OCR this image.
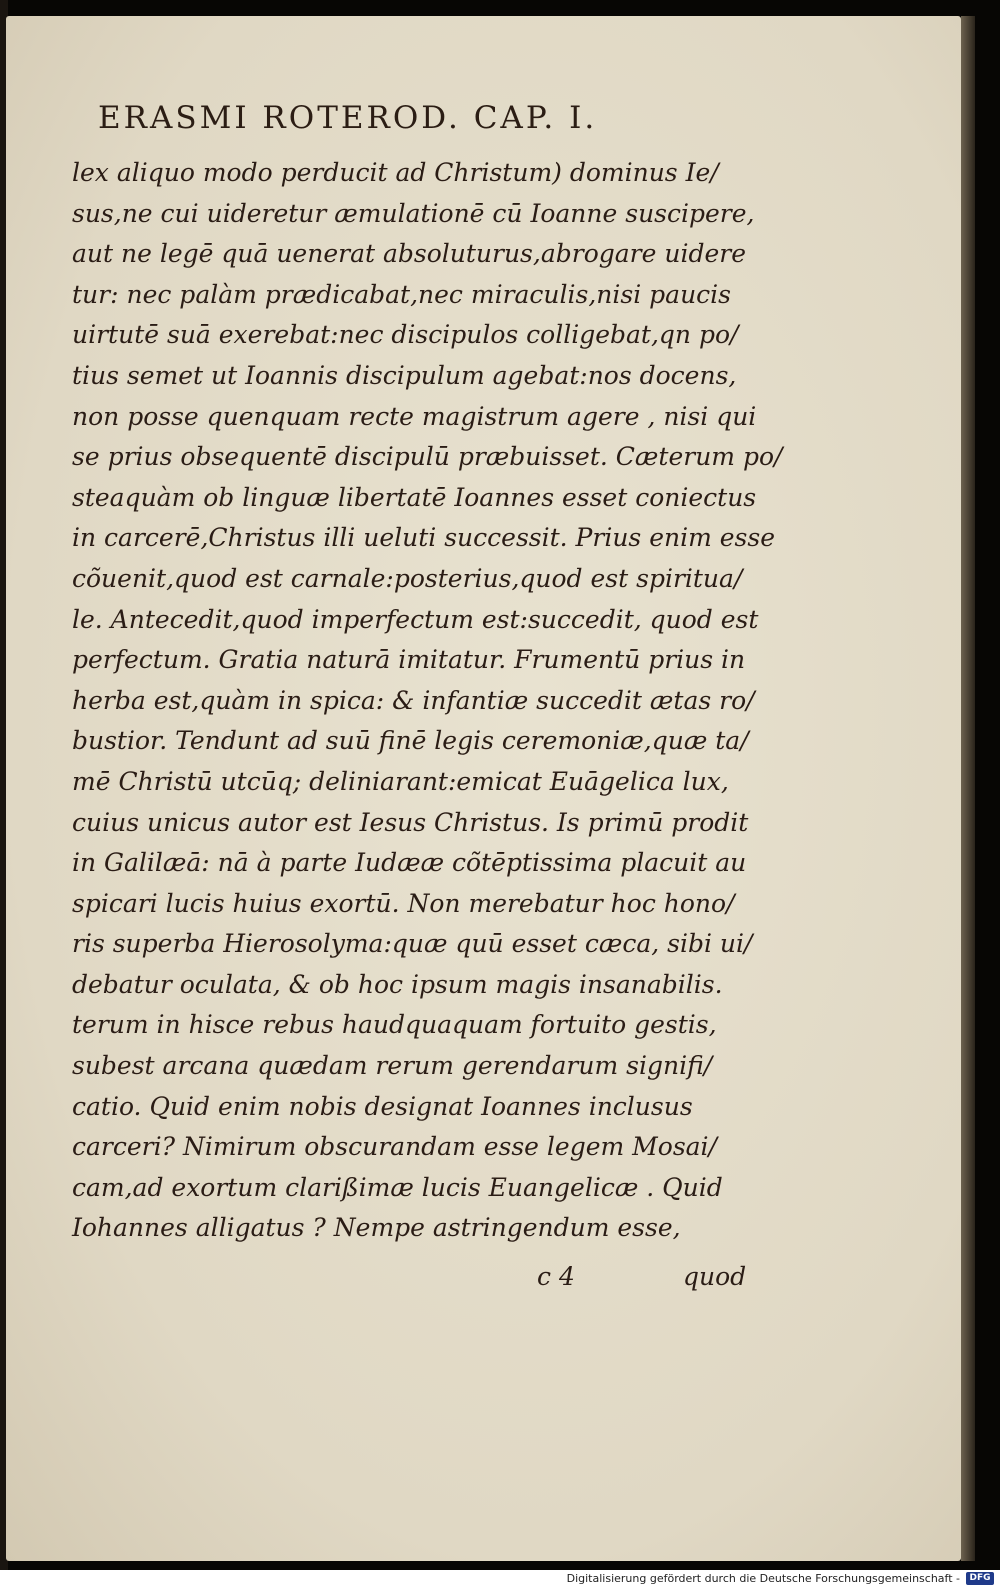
ERASMI ROTEROD. CAP. I.
lex aliquo modo perducit ad Christum) dominus Ie/
sus,ne cui uideretur æmulationē cū Ioanne suscipere,
aut ne legē quā uenerat absoluturus,abrogare uidere
tur: nec palàm prædicabat,nec miraculis,nisi paucis
uirtutē suā exerebat:nec discipulos colligebat,qn po/
tius semet ut Ioannis discipulum agebat:nos docens,
non posse quenquam recte magistrum agere , nisi qui
se prius obsequentē discipulū præbuisset. Cæterum po/
steaquàm ob linguæ libertatē Ioannes esset coniectus
in carcerē,Christus illi ueluti successit. Prius enim esse
cõuenit,quod est carnale:posterius,quod est spiritua/
le. Antecedit,quod imperfectum est:succedit, quod est
perfectum. Gratia naturā imitatur. Frumentū prius in
herba est,quàm in spica: & infantiæ succedit ætas ro/
bustior. Tendunt ad suū finē legis ceremoniæ,quæ ta/
mē Christū utcūq; deliniarant:emicat Euāgelica lux,
cuius unicus autor est Iesus Christus. Is primū prodit
in Galilæā: nā à parte Iudææ cõtēptissima placuit au
spicari lucis huius exortū. Non merebatur hoc hono/
ris superba Hierosolyma:quæ quū esset cæca, sibi ui/
debatur oculata, & ob hoc ipsum magis insanabilis.
terum in hisce rebus haudquaquam fortuito gestis,
subest arcana quædam rerum gerendarum signifi/
catio. Quid enim nobis designat Ioannes inclusus
carceri? Nimirum obscurandam esse legem Mosai/
cam,ad exortum clarißimæ lucis Euangelicæ . Quid
Iohannes alligatus ? Nempe astringendum esse,
c 4	quod
Digitalisierung gefördert durch die Deutsche Forschungsgemeinschaft -	DFG
